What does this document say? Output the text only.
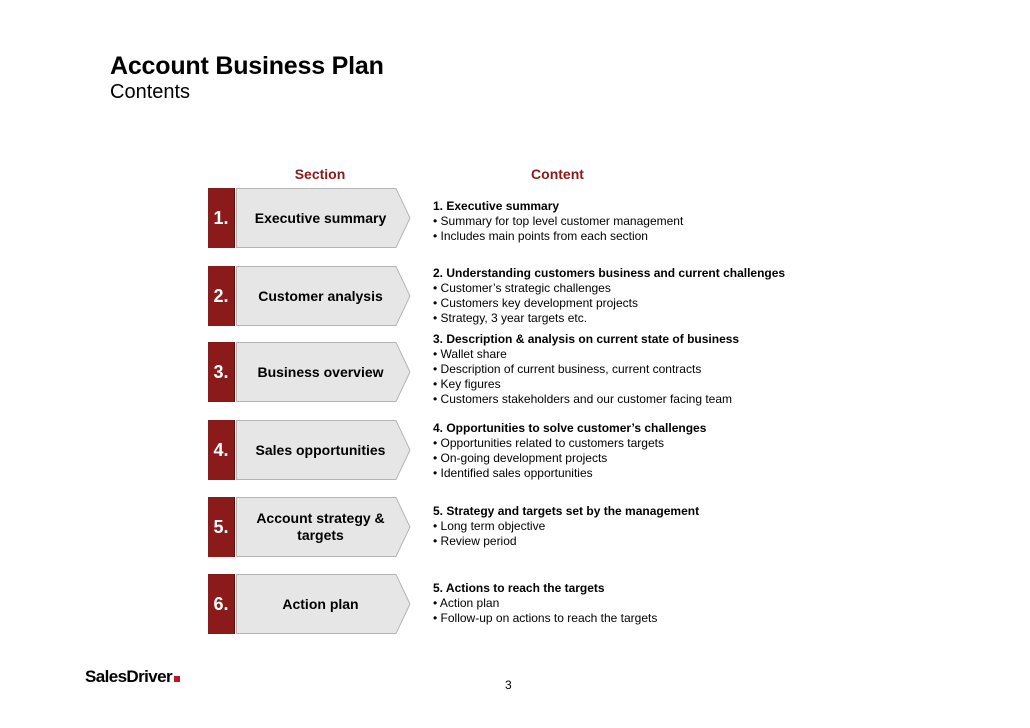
Account Business Plan
Contents
Section	Content
1.	Executive summary
1. Executive summary
• Summary for top level customer management
• Includes main points from each section
2.	Customer analysis
2. Understanding customers business and current challenges
• Customer’s strategic challenges
• Customers key development projects
• Strategy, 3 year targets etc.
3.	Business overview
3. Description & analysis on current state of business
• Wallet share
• Description of current business, current contracts
• Key figures
• Customers stakeholders and our customer facing team
4.	Sales opportunities
4. Opportunities to solve customer’s challenges
• Opportunities related to customers targets
• On-going development projects
• Identified sales opportunities
5.	Account strategy & targets
5. Strategy and targets set by the management
• Long term objective
• Review period
6.	Action plan
5. Actions to reach the targets
• Action plan
• Follow-up on actions to reach the targets
SalesDriver	3
